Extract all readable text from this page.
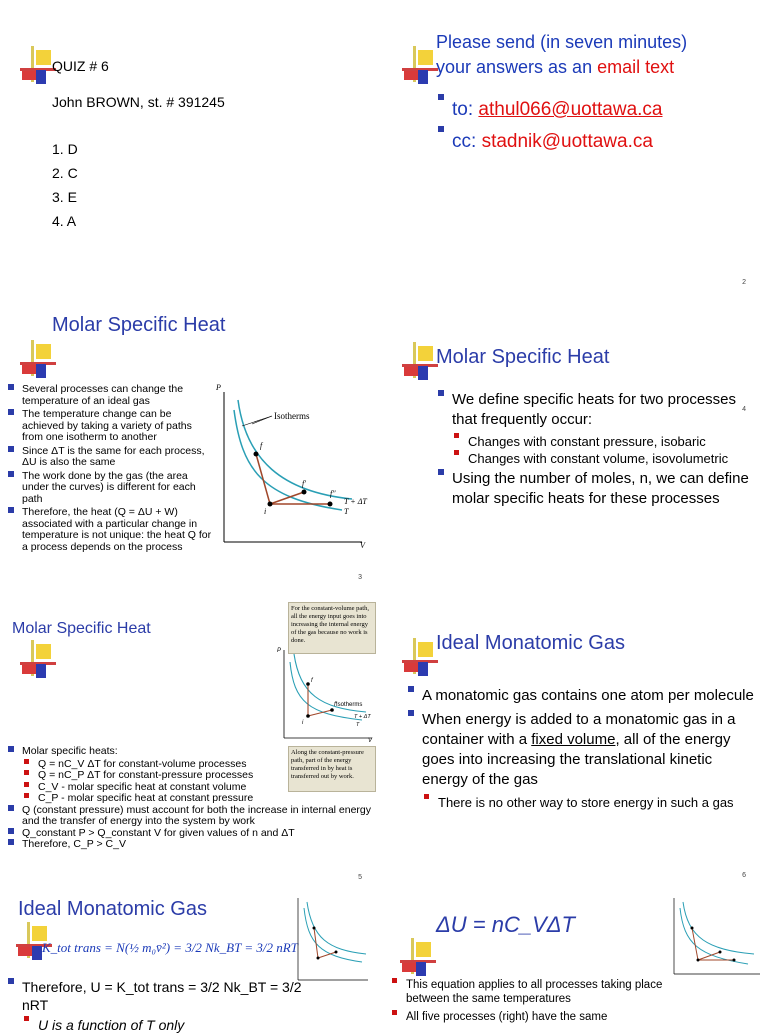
QUIZ # 6
John BROWN, st. # 391245
1. D
2. C
3. E
4. A
Please send (in seven minutes)
your answers as an email text
to: athul066@uottawa.ca
cc: stadnik@uottawa.ca
2
Molar Specific Heat
Several processes can change the temperature of an ideal gas
The temperature change can be achieved by taking a variety of paths from one isotherm to another
Since ΔT is the same for each process, ΔU is also the same
The work done by the gas (the area under the curves) is different for each path
Therefore, the heat (Q = ΔU + W) associated with a particular change in temperature is not unique: the heat Q for a process depends on the process
P
V
Isotherms
f
f′
f″
i
T + ΔT
T
3
Molar Specific Heat
We define specific heats for two processes that frequently occur:
Changes with constant pressure, isobaric
Changes with constant volume, isovolumetric
Using the number of moles, n, we can define molar specific heats for these processes
4
Molar Specific Heat
For the constant-volume path, all the energy input goes into increasing the internal energy of the gas because no work is done.
Along the constant-pressure path, part of the energy transferred in by heat is transferred out by work.
P
V
Isotherms
f
f′
i
T + ΔT
T
Molar specific heats:
Q = nC_V ΔT for constant-volume processes
Q = nC_P ΔT for constant-pressure processes
C_V - molar specific heat at constant volume
C_P - molar specific heat at constant pressure
Q (constant pressure) must account for both the increase in internal energy and the transfer of energy into the system by work
Q_constant P > Q_constant V for given values of n and ΔT
Therefore, C_P > C_V
5
Ideal Monatomic Gas
A monatomic gas contains one atom per molecule
When energy is added to a monatomic gas in a container with a fixed volume, all of the energy goes into increasing the translational kinetic energy of the gas
There is no other way to store energy in such a gas
6
Ideal Monatomic Gas
K_tot trans = N(½ m₀v̄²) = 3/2 Nk_BT = 3/2 nRT
Therefore, U = K_tot trans = 3/2 Nk_BT = 3/2 nRT
U is a function of T only
ΔU = nC_VΔT
This equation applies to all processes taking place between the same temperatures
All five processes (right) have the same
